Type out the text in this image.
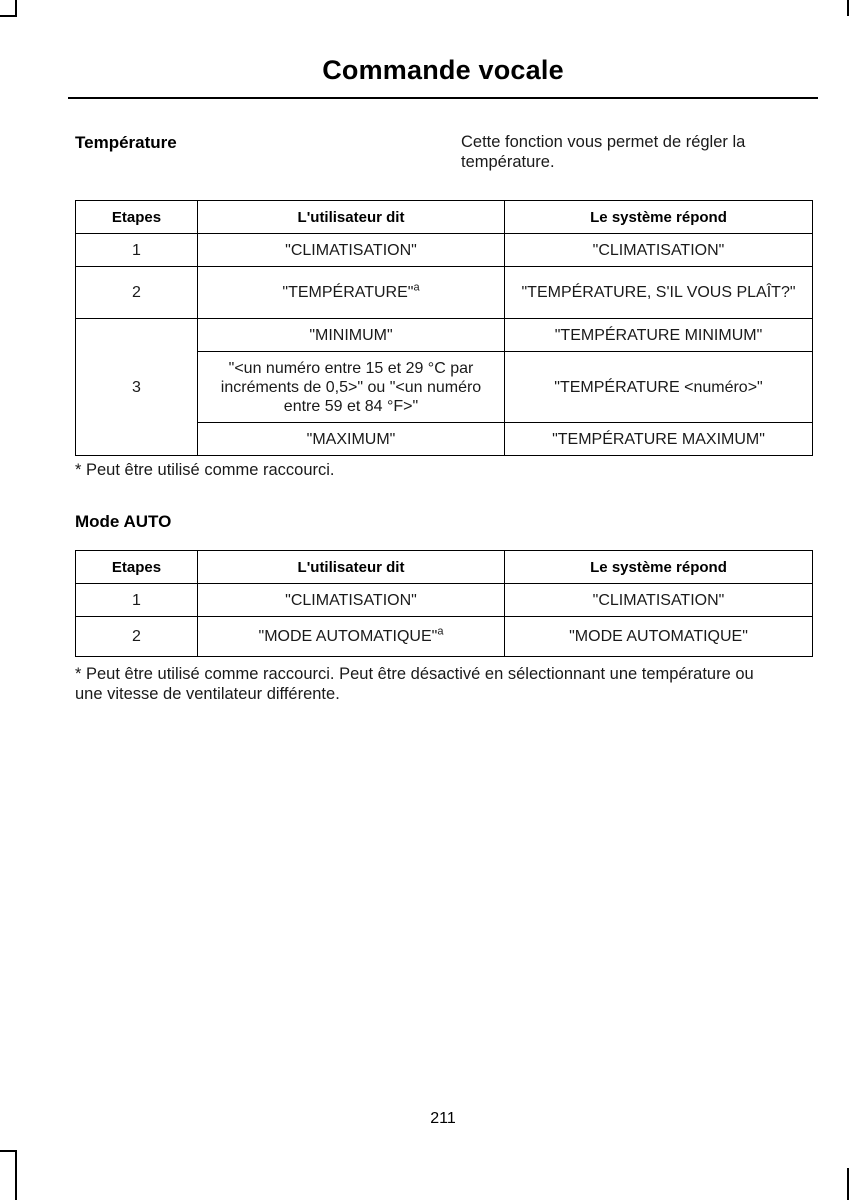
Commande vocale
Température	Cette fonction vous permet de régler la température.

Etapes	L'utilisateur dit	Le système répond
1	"CLIMATISATION"	"CLIMATISATION"
2	"TEMPÉRATURE"$^a$	"TEMPÉRATURE, S'IL VOUS PLAÎT?"
3	"MINIMUM"	"TEMPÉRATURE MINIMUM"
	"<un numéro entre 15 et 29 °C par incréments de 0,5>" ou "<un numéro entre 59 et 84 °F>"	"TEMPÉRATURE <numéro>"
	"MAXIMUM"	"TEMPÉRATURE MAXIMUM"

* Peut être utilisé comme raccourci.

Mode AUTO
Etapes	L'utilisateur dit	Le système répond
1	"CLIMATISATION"	"CLIMATISATION"
2	"MODE AUTOMATIQUE"$^a$	"MODE AUTOMATIQUE"

* Peut être utilisé comme raccourci. Peut être désactivé en sélectionnant une température ou une vitesse de ventilateur différente.

211
